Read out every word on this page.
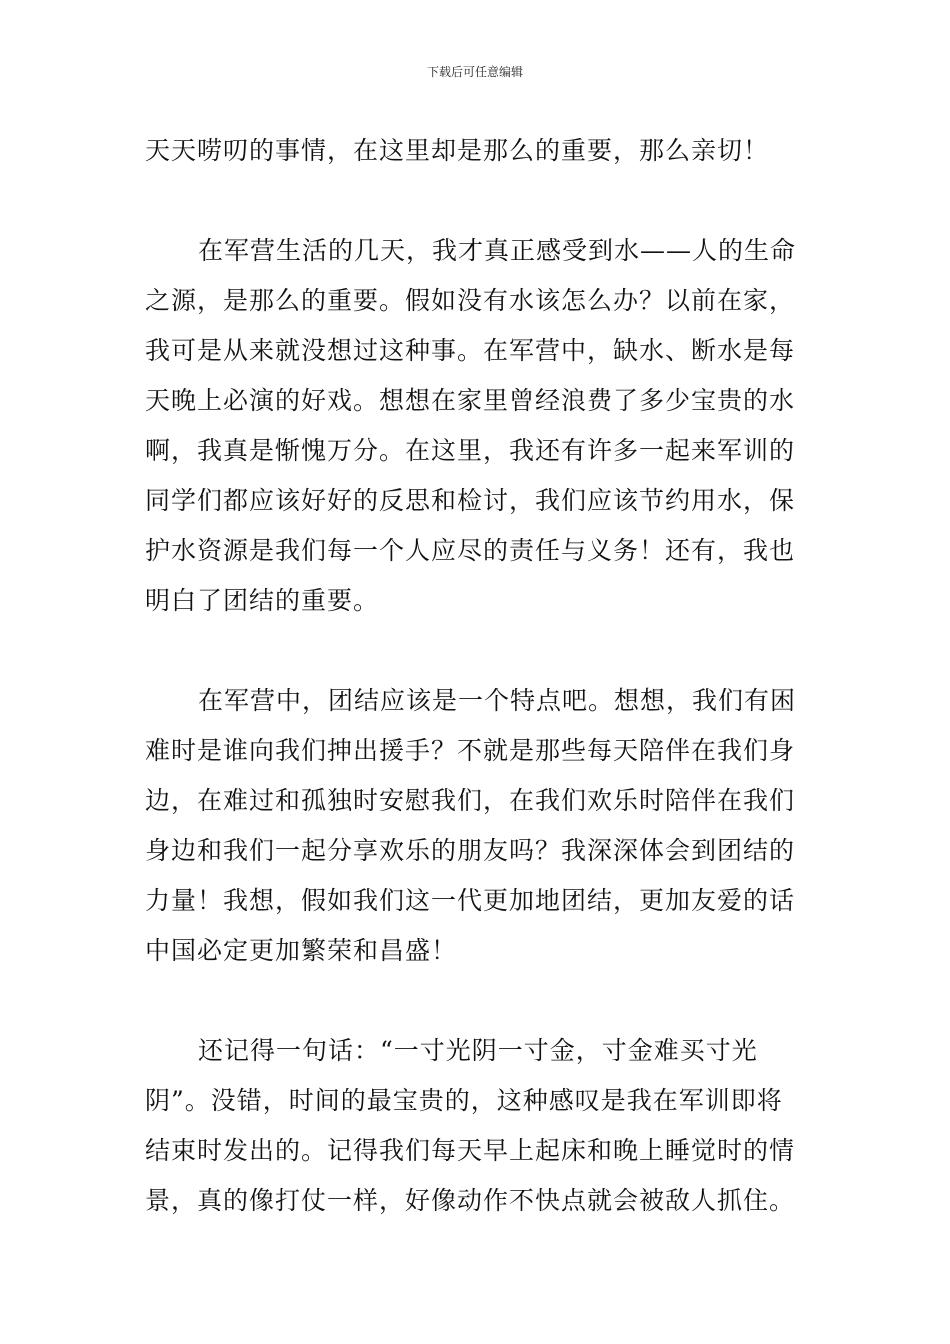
下载后可任意编辑
天天唠叨的事情，在这里却是那么的重要，那么亲切！
在军营生活的几天，我才真正感受到水——人的生命
之源，是那么的重要。假如没有水该怎么办？以前在家，
我可是从来就没想过这种事。在军营中，缺水、断水是每
天晚上必演的好戏。想想在家里曾经浪费了多少宝贵的水
啊，我真是惭愧万分。在这里，我还有许多一起来军训的
同学们都应该好好的反思和检讨，我们应该节约用水，保
护水资源是我们每一个人应尽的责任与义务！还有，我也
明白了团结的重要。
在军营中，团结应该是一个特点吧。想想，我们有困
难时是谁向我们抻出援手？不就是那些每天陪伴在我们身
边，在难过和孤独时安慰我们，在我们欢乐时陪伴在我们
身边和我们一起分享欢乐的朋友吗？我深深体会到团结的
力量！我想，假如我们这一代更加地团结，更加友爱的话
中国必定更加繁荣和昌盛！
还记得一句话：“一寸光阴一寸金，寸金难买寸光
阴”。没错，时间的最宝贵的，这种感叹是我在军训即将
结束时发出的。记得我们每天早上起床和晚上睡觉时的情
景，真的像打仗一样，好像动作不快点就会被敌人抓住。
